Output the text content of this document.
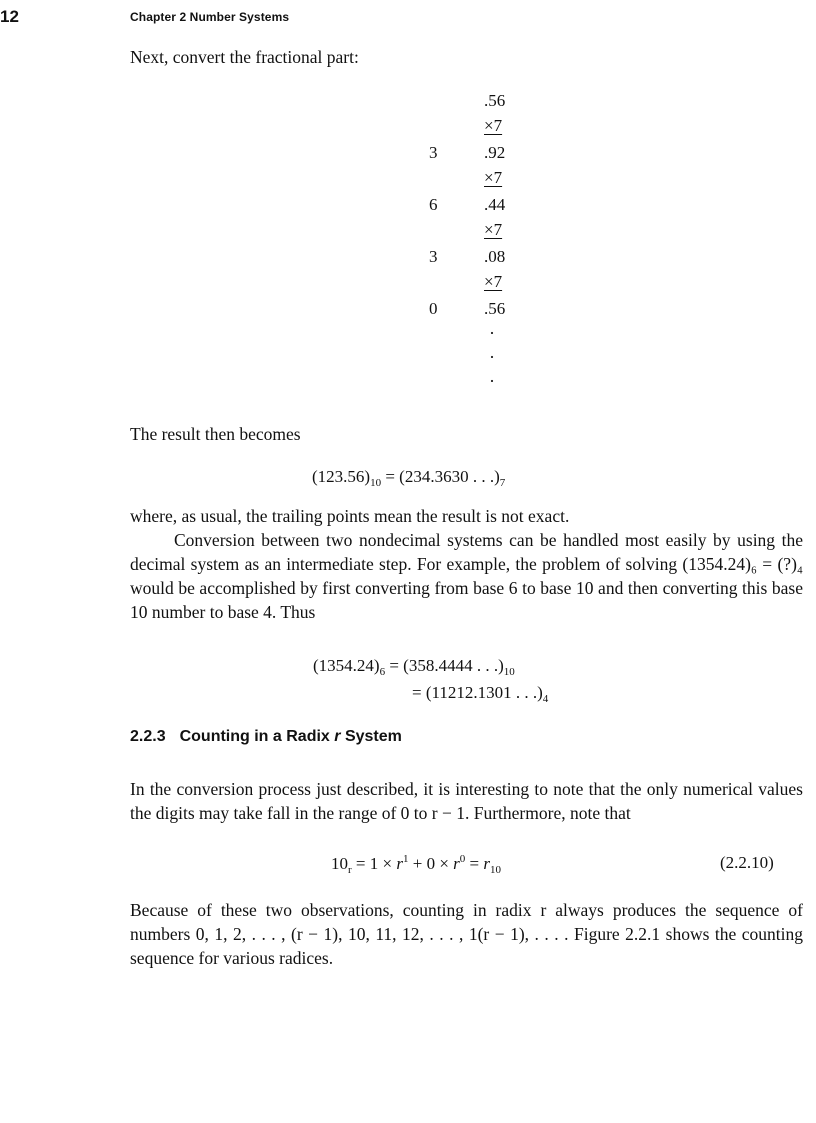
12	Chapter 2 Number Systems
Next, convert the fractional part:
.56
×7
3	.92
×7
6	.44
×7
3	.08
×7
0	.56
·
·
·
The result then becomes
$(123.56)_{10} = (234.3630$ . . $.)_7$
where, as usual, the trailing points mean the result is not exact.
Conversion between two nondecimal systems can be handled most easily by using the decimal system as an intermediate step. For example, the problem of solving (1354.24)₆ = (?)₄ would be accomplished by first converting from base 6 to base 10 and then converting this base 10 number to base 4. Thus
$(1354.24)_6 = (358.4444$ . . $.)_{10}$
= (11212.1301 . . $.)_4$
2.2.3 Counting in a Radix r System
In the conversion process just described, it is interesting to note that the only numerical values the digits may take fall in the range of 0 to r − 1. Furthermore, note that
$10_r = 1 \times r^1 + 0 \times r^0 = r_{10}$	(2.2.10)
Because of these two observations, counting in radix r always produces the sequence of numbers 0, 1, 2, . . . , (r − 1), 10, 11, 12, . . . , 1(r − 1), . . . . Figure 2.2.1 shows the counting sequence for various radices.
